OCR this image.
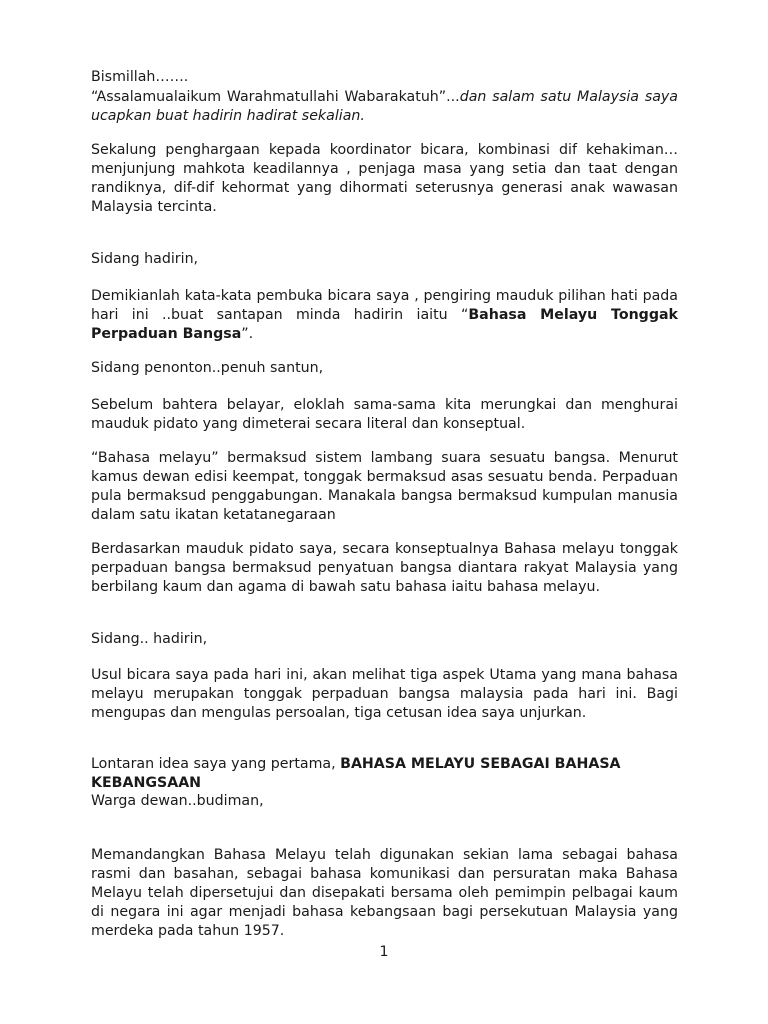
Bismillah…….

“Assalamualaikum Warahmatullahi Wabarakatuh”...dan salam satu Malaysia saya ucapkan buat hadirin hadirat sekalian.

Sekalung penghargaan kepada koordinator bicara, kombinasi dif kehakiman… menjunjung mahkota keadilannya , penjaga masa yang setia dan taat dengan randiknya, dif-dif kehormat yang dihormati seterusnya generasi anak wawasan Malaysia tercinta.

Sidang hadirin,

Demikianlah kata-kata pembuka bicara saya , pengiring mauduk pilihan hati pada hari ini ..buat santapan minda hadirin iaitu “Bahasa Melayu Tonggak Perpaduan Bangsa”.

Sidang penonton..penuh santun,

Sebelum bahtera belayar, eloklah sama-sama kita merungkai dan menghurai mauduk pidato yang dimeterai secara literal dan konseptual.

“Bahasa melayu” bermaksud sistem lambang suara sesuatu bangsa. Menurut kamus dewan edisi keempat, tonggak bermaksud asas sesuatu benda. Perpaduan pula bermaksud penggabungan. Manakala bangsa bermaksud kumpulan manusia dalam satu ikatan ketatanegaraan

Berdasarkan mauduk pidato saya, secara konseptualnya Bahasa melayu tonggak perpaduan bangsa bermaksud penyatuan bangsa diantara rakyat Malaysia yang berbilang kaum dan agama di bawah satu bahasa iaitu bahasa melayu.

Sidang.. hadirin,

Usul bicara saya pada hari ini, akan melihat tiga aspek Utama yang mana bahasa melayu merupakan tonggak perpaduan bangsa malaysia pada hari ini. Bagi mengupas dan mengulas persoalan, tiga cetusan idea saya unjurkan.

Lontaran idea saya yang pertama, BAHASA MELAYU SEBAGAI BAHASA KEBANGSAAN

Warga dewan..budiman,

Memandangkan Bahasa Melayu telah digunakan sekian lama sebagai bahasa rasmi dan basahan, sebagai bahasa komunikasi dan persuratan maka Bahasa Melayu telah dipersetujui dan disepakati bersama oleh pemimpin pelbagai kaum di negara ini agar menjadi bahasa kebangsaan bagi persekutuan Malaysia yang merdeka pada tahun 1957.

1
